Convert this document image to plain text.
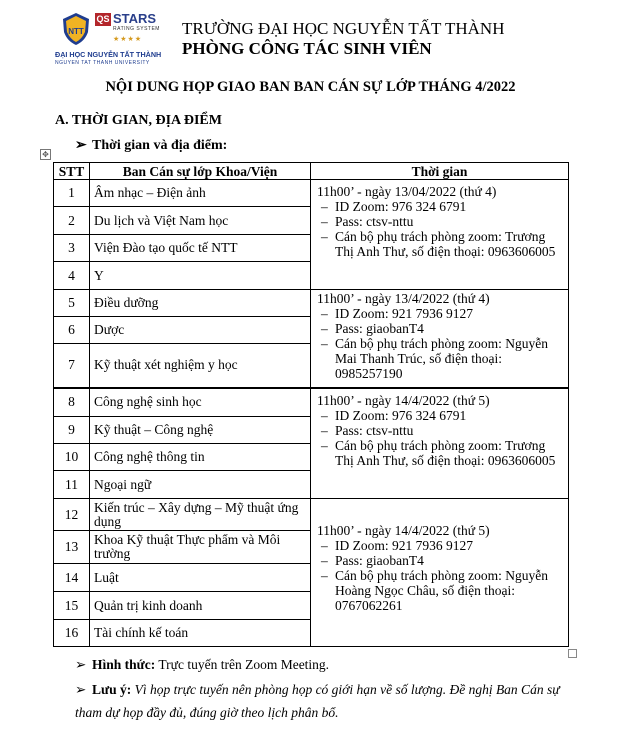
NTT
QS STARS
RATING SYSTEM
★★★★
ĐẠI HỌC NGUYỄN TẤT THÀNH
NGUYEN TAT THANH UNIVERSITY
TRƯỜNG ĐẠI HỌC NGUYỄN TẤT THÀNH
PHÒNG CÔNG TÁC SINH VIÊN
NỘI DUNG HỌP GIAO BAN BAN CÁN SỰ LỚP THÁNG 4/2022
A. THỜI GIAN, ĐỊA ĐIỂM
➢ Thời gian và địa điểm:
✥
STT	Ban Cán sự lớp Khoa/Viện	Thời gian
1	Âm nhạc – Điện ảnh	11h00’ - ngày 13/04/2022 (thứ 4)
– ID Zoom: 976 324 6791
– Pass: ctsv-nttu
– Cán bộ phụ trách phòng zoom: Trương Thị Anh Thư, số điện thoại: 0963606005

2	Du lịch và Việt Nam học	
3	Viện Đào tạo quốc tế NTT	
4	Y	
5	Điều dưỡng	11h00’ - ngày 13/4/2022 (thứ 4)
– ID Zoom: 921 7936 9127
– Pass: giaobanT4
– Cán bộ phụ trách phòng zoom: Nguyễn Mai Thanh Trúc, số điện thoại: 0985257190

6	Dược	
7	Kỹ thuật xét nghiệm y học	
8	Công nghệ sinh học	11h00’ - ngày 14/4/2022 (thứ 5)
– ID Zoom: 976 324 6791
– Pass: ctsv-nttu
– Cán bộ phụ trách phòng zoom: Trương Thị Anh Thư, số điện thoại: 0963606005

9	Kỹ thuật – Công nghệ	
10	Công nghệ thông tin	
11	Ngoại ngữ	
12	Kiến trúc – Xây dựng – Mỹ thuật ứng dụng	11h00’ - ngày 14/4/2022 (thứ 5)
– ID Zoom: 921 7936 9127
– Pass: giaobanT4
– Cán bộ phụ trách phòng zoom: Nguyễn Hoàng Ngọc Châu, số điện thoại: 0767062261

13	Khoa Kỹ thuật Thực phẩm và Môi trường	
14	Luật	
15	Quản trị kinh doanh	
16	Tài chính kế toán	
➢ Hình thức: Trực tuyến trên Zoom Meeting.
➢ Lưu ý: Vì họp trực tuyến nên phòng họp có giới hạn về số lượng. Đề nghị Ban Cán sự tham dự họp đầy đủ, đúng giờ theo lịch phân bổ.
